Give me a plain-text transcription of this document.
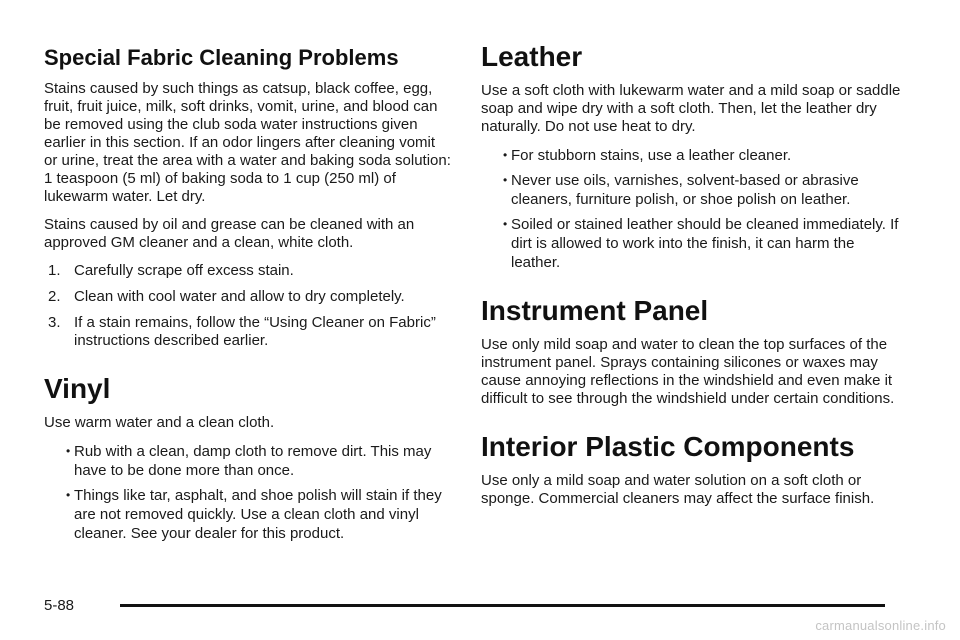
Special Fabric Cleaning Problems

Stains caused by such things as catsup, black coffee, egg, fruit, fruit juice, milk, soft drinks, vomit, urine, and blood can be removed using the club soda water instructions given earlier in this section. If an odor lingers after cleaning vomit or urine, treat the area with a water and baking soda solution: 1 teaspoon (5 ml) of baking soda to 1 cup (250 ml) of lukewarm water. Let dry.

Stains caused by oil and grease can be cleaned with an approved GM cleaner and a clean, white cloth.

1. Carefully scrape off excess stain.
2. Clean with cool water and allow to dry completely.
3. If a stain remains, follow the “Using Cleaner on Fabric” instructions described earlier.
Vinyl

Use warm water and a clean cloth.

• Rub with a clean, damp cloth to remove dirt. This may have to be done more than once.
• Things like tar, asphalt, and shoe polish will stain if they are not removed quickly. Use a clean cloth and vinyl cleaner. See your dealer for this product.
Leather

Use a soft cloth with lukewarm water and a mild soap or saddle soap and wipe dry with a soft cloth. Then, let the leather dry naturally. Do not use heat to dry.

• For stubborn stains, use a leather cleaner.
• Never use oils, varnishes, solvent-based or abrasive cleaners, furniture polish, or shoe polish on leather.
• Soiled or stained leather should be cleaned immediately. If dirt is allowed to work into the finish, it can harm the leather.
Instrument Panel

Use only mild soap and water to clean the top surfaces of the instrument panel. Sprays containing silicones or waxes may cause annoying reflections in the windshield and even make it difficult to see through the windshield under certain conditions.

Interior Plastic Components

Use only a mild soap and water solution on a soft cloth or sponge. Commercial cleaners may affect the surface finish.

5-88
carmanualsonline.info
